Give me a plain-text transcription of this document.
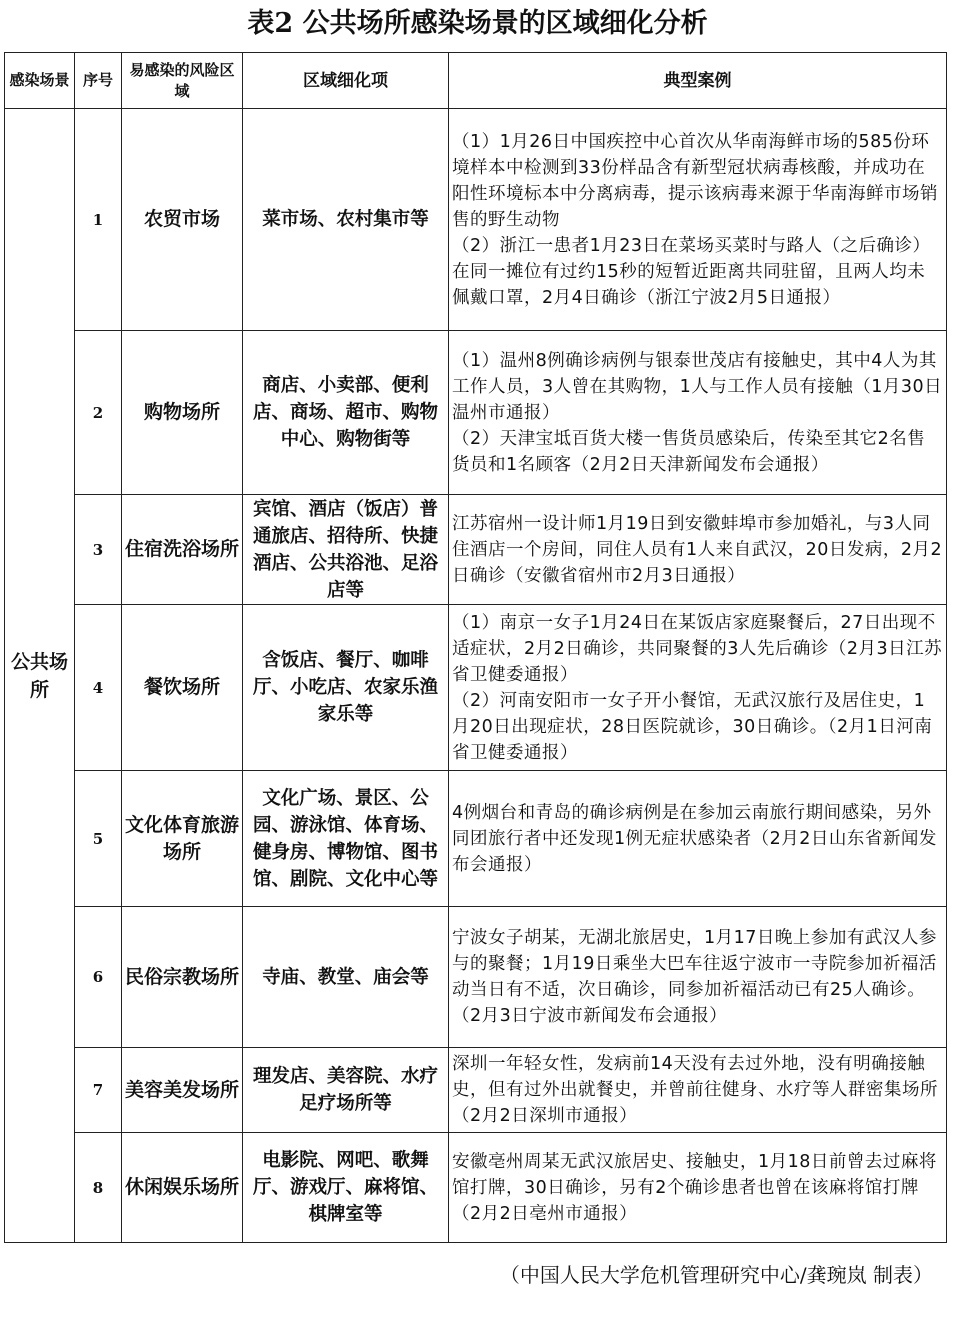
表2 公共场所感染场景的区域细化分析
感染场景	序号	易感染的风险区域	区域细化项	典型案例
公共场所	1	农贸市场	菜市场、农村集市等	（1）1月26日中国疾控中心首次从华南海鲜市场的585份环境样本中检测到33份样品含有新型冠状病毒核酸，并成功在阳性环境标本中分离病毒，提示该病毒来源于华南海鲜市场销售的野生动物
（2）浙江一患者1月23日在菜场买菜时与路人（之后确诊）在同一摊位有过约15秒的短暂近距离共同驻留，且两人均未佩戴口罩，2月4日确诊（浙江宁波2月5日通报）

	2	购物场所	商店、小卖部、便利店、商场、超市、购物中心、购物街等	（1）温州8例确诊病例与银泰世茂店有接触史，其中4人为其工作人员，3人曾在其购物，1人与工作人员有接触（1月30日温州市通报）
（2）天津宝坻百货大楼一售货员感染后，传染至其它2名售货员和1名顾客（2月2日天津新闻发布会通报）

	3	住宿洗浴场所	宾馆、酒店（饭店）普通旅店、招待所、快捷酒店、公共浴池、足浴店等	江苏宿州一设计师1月19日到安徽蚌埠市参加婚礼，与3人同住酒店一个房间，同住人员有1人来自武汉，20日发病，2月2日确诊（安徽省宿州市2月3日通报）

	4	餐饮场所	含饭店、餐厅、咖啡厅、小吃店、农家乐渔家乐等	（1）南京一女子1月24日在某饭店家庭聚餐后，27日出现不适症状，2月2日确诊，共同聚餐的3人先后确诊（2月3日江苏省卫健委通报）
（2）河南安阳市一女子开小餐馆，无武汉旅行及居住史，1月20日出现症状，28日医院就诊，30日确诊。（2月1日河南省卫健委通报）

	5	文化体育旅游场所	文化广场、景区、公园、游泳馆、体育场、健身房、博物馆、图书馆、剧院、文化中心等	4例烟台和青岛的确诊病例是在参加云南旅行期间感染，另外同团旅行者中还发现1例无症状感染者（2月2日山东省新闻发布会通报）

	6	民俗宗教场所	寺庙、教堂、庙会等	宁波女子胡某，无湖北旅居史，1月17日晚上参加有武汉人参与的聚餐；1月19日乘坐大巴车往返宁波市一寺院参加祈福活动当日有不适，次日确诊，同参加祈福活动已有25人确诊。（2月3日宁波市新闻发布会通报）

	7	美容美发场所	理发店、美容院、水疗足疗场所等	深圳一年轻女性，发病前14天没有去过外地，没有明确接触史，但有过外出就餐史，并曾前往健身、水疗等人群密集场所（2月2日深圳市通报）

	8	休闲娱乐场所	电影院、网吧、歌舞厅、游戏厅、麻将馆、棋牌室等	安徽亳州周某无武汉旅居史、接触史，1月18日前曾去过麻将馆打牌，30日确诊，另有2个确诊患者也曾在该麻将馆打牌（2月2日亳州市通报）
（中国人民大学危机管理研究中心/龚琬岚 制表）
